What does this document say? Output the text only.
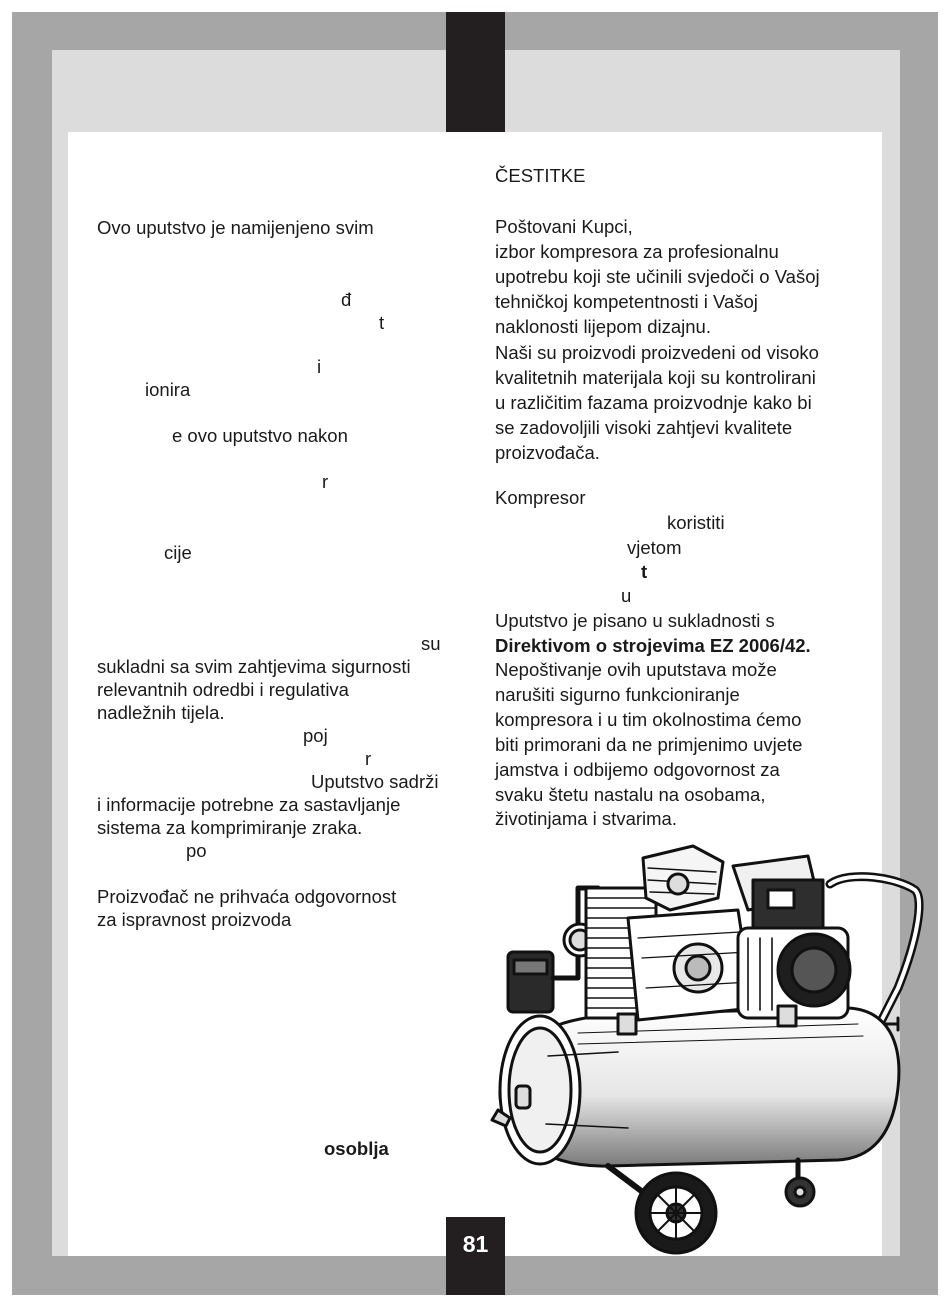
81

Ovo uputstvo je namijenjeno svim

đ

t

i

ionira

e ovo uputstvo nakon

r

cije

su

sukladni sa svim zahtjevima sigurnosti

relevantnih odredbi i regulativa

nadležnih tijela.

poj

r

Uputstvo sadrži

i informacije potrebne za sastavljanje

sistema za komprimiranje zraka.

po

Proizvođač ne prihvaća odgovornost

za ispravnost proizvoda

osoblja

ČESTITKE

Poštovani Kupci,

izbor kompresora za profesionalnu

upotrebu koji ste učinili svjedoči o Vašoj

tehničkoj kompetentnosti i Vašoj

naklonosti lijepom dizajnu.

Naši su proizvodi proizvedeni od visoko

kvalitetnih materijala koji su kontrolirani

u različitim fazama proizvodnje kako bi

se zadovoljili visoki zahtjevi kvalitete

proizvođača.

Kompresor

koristiti

vjetom

t

u

Uputstvo je pisano u sukladnosti s

Direktivom o strojevima EZ 2006/42.

Nepoštivanje ovih uputstava može

narušiti sigurno funkcioniranje

kompresora i u tim okolnostima ćemo

biti primorani da ne primjenimo uvjete

jamstva i odbijemo odgovornost za

svaku štetu nastalu na osobama,

životinjama i stvarima.
